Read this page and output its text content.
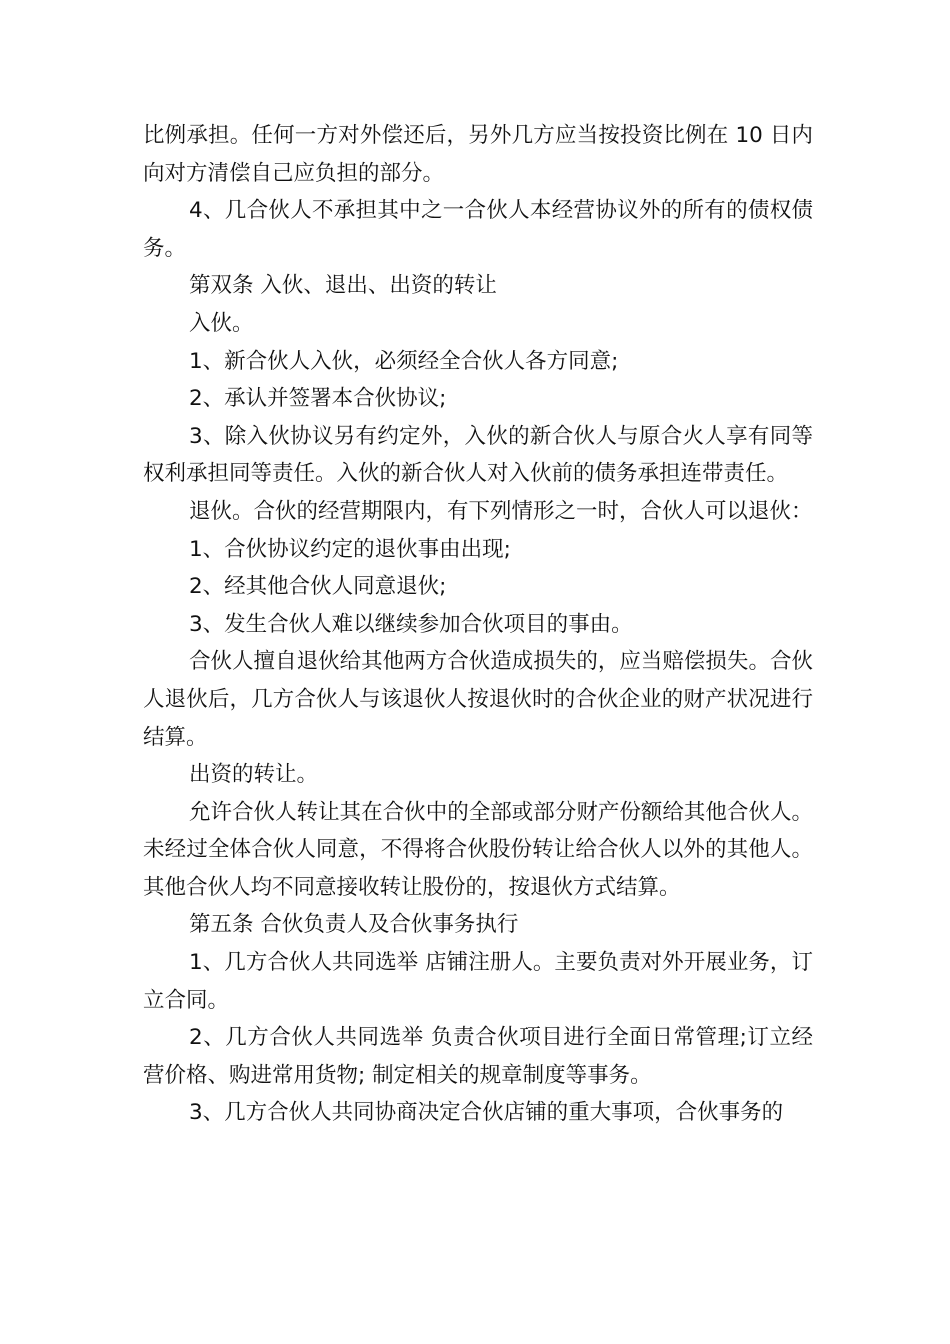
比例承担。任何一方对外偿还后，另外几方应当按投资比例在 10 日内向对方清偿自己应负担的部分。

4、几合伙人不承担其中之一合伙人本经营协议外的所有的债权债务。

第双条 入伙、退出、出资的转让

入伙。

1、新合伙人入伙，必须经全合伙人各方同意;

2、承认并签署本合伙协议;

3、除入伙协议另有约定外，入伙的新合伙人与原合火人享有同等权利承担同等责任。入伙的新合伙人对入伙前的债务承担连带责任。

退伙。合伙的经营期限内，有下列情形之一时，合伙人可以退伙：

1、合伙协议约定的退伙事由出现;

2、经其他合伙人同意退伙;

3、发生合伙人难以继续参加合伙项目的事由。

合伙人擅自退伙给其他两方合伙造成损失的，应当赔偿损失。合伙人退伙后，几方合伙人与该退伙人按退伙时的合伙企业的财产状况进行结算。

出资的转让。

允许合伙人转让其在合伙中的全部或部分财产份额给其他合伙人。未经过全体合伙人同意，不得将合伙股份转让给合伙人以外的其他人。其他合伙人均不同意接收转让股份的，按退伙方式结算。

第五条 合伙负责人及合伙事务执行

1、几方合伙人共同选举 店铺注册人。主要负责对外开展业务，订立合同。

2、几方合伙人共同选举 负责合伙项目进行全面日常管理;订立经营价格、购进常用货物; 制定相关的规章制度等事务。

3、几方合伙人共同协商决定合伙店铺的重大事项，合伙事务的
